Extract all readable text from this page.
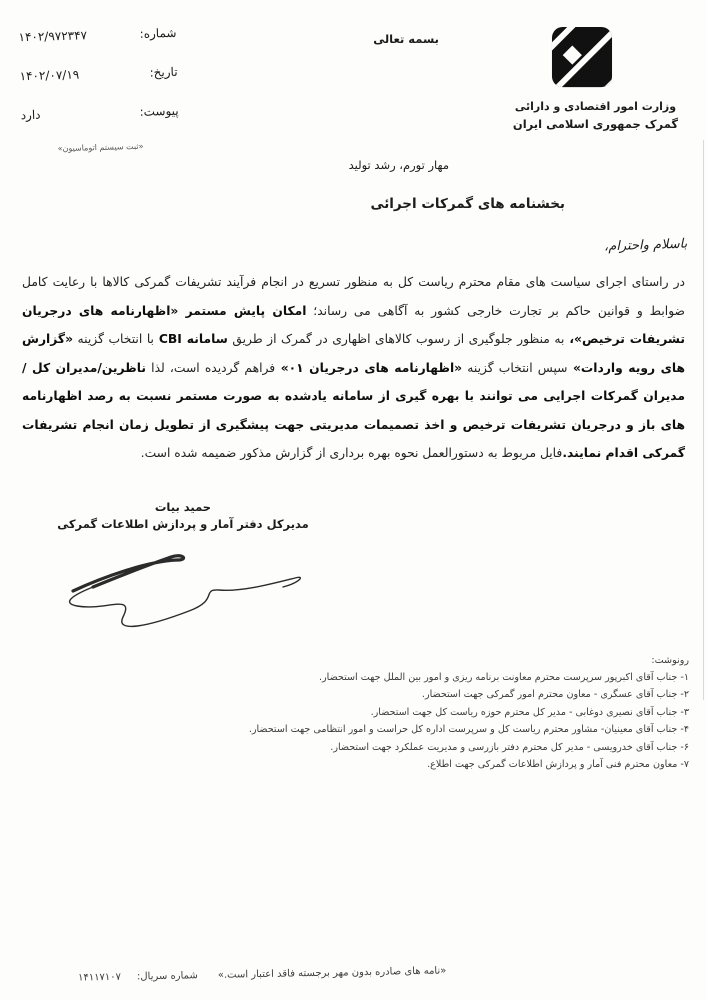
شماره:
۱۴۰۲/۹۷۲۳۴۷
تاریخ:
۱۴۰۲/۰۷/۱۹
پیوست:
دارد
«ثبت سیستم اتوماسیون»
بسمه تعالی
وزارت امور اقتصادی و دارائی
گمرک جمهوری اسلامی ایران
مهار تورم، رشد تولید
بخشنامه های گمرکات اجرائی
باسلام واحترام،
در راستای اجرای سیاست های مقام محترم ریاست کل به منظور تسریع در انجام فرآیند تشریفات گمرکی کالاها با رعایت کامل ضوابط و قوانین حاکم بر تجارت خارجی کشور به آگاهی می رساند؛ امکان پایش مستمر «اظهارنامه های درجریان تشریفات ترخیص»، به منظور جلوگیری از رسوب کالاهای اظهاری در گمرک از طریق سامانه CBI با انتخاب گزینه «گزارش های رویه واردات» سپس انتخاب گزینه «اظهارنامه های درجریان ۰۱» فراهم گردیده است، لذا ناظرین/مدیران کل /مدیران گمرکات اجرایی می توانند با بهره گیری از سامانه یادشده به صورت مستمر نسبت به رصد اظهارنامه های باز و درجریان تشریفات ترخیص و اخذ تصمیمات مدیریتی جهت پیشگیری از تطویل زمان انجام تشریفات گمرکی اقدام نمایند.فایل مربوط به دستورالعمل نحوه بهره برداری از گزارش مذکور ضمیمه شده است.
حمید بیات
مدیرکل دفتر آمار و پردازش اطلاعات گمرکی
رونوشت:
۱- جناب آقای اکبرپور سرپرست محترم معاونت برنامه ریزی و امور بین الملل جهت استحضار.
۲- جناب آقای عسگری - معاون محترم امور گمرکی جهت استحضار.
۳- جناب آقای نصیری دوغابی - مدیر کل محترم حوزه ریاست کل جهت استحضار.
۴- جناب آقای معینیان- مشاور محترم ریاست کل و سرپرست اداره کل حراست و امور انتظامی جهت استحضار.
۶- جناب آقای خدرویسی - مدیر کل محترم دفتر بازرسی و مدیریت عملکرد جهت استحضار.
۷- معاون محترم فنی آمار و پردازش اطلاعات گمرکی جهت اطلاع.
«نامه های صادره بدون مهر برجسته فاقد اعتبار است.»
شماره سریال:
۱۴۱۱۷۱۰۷
